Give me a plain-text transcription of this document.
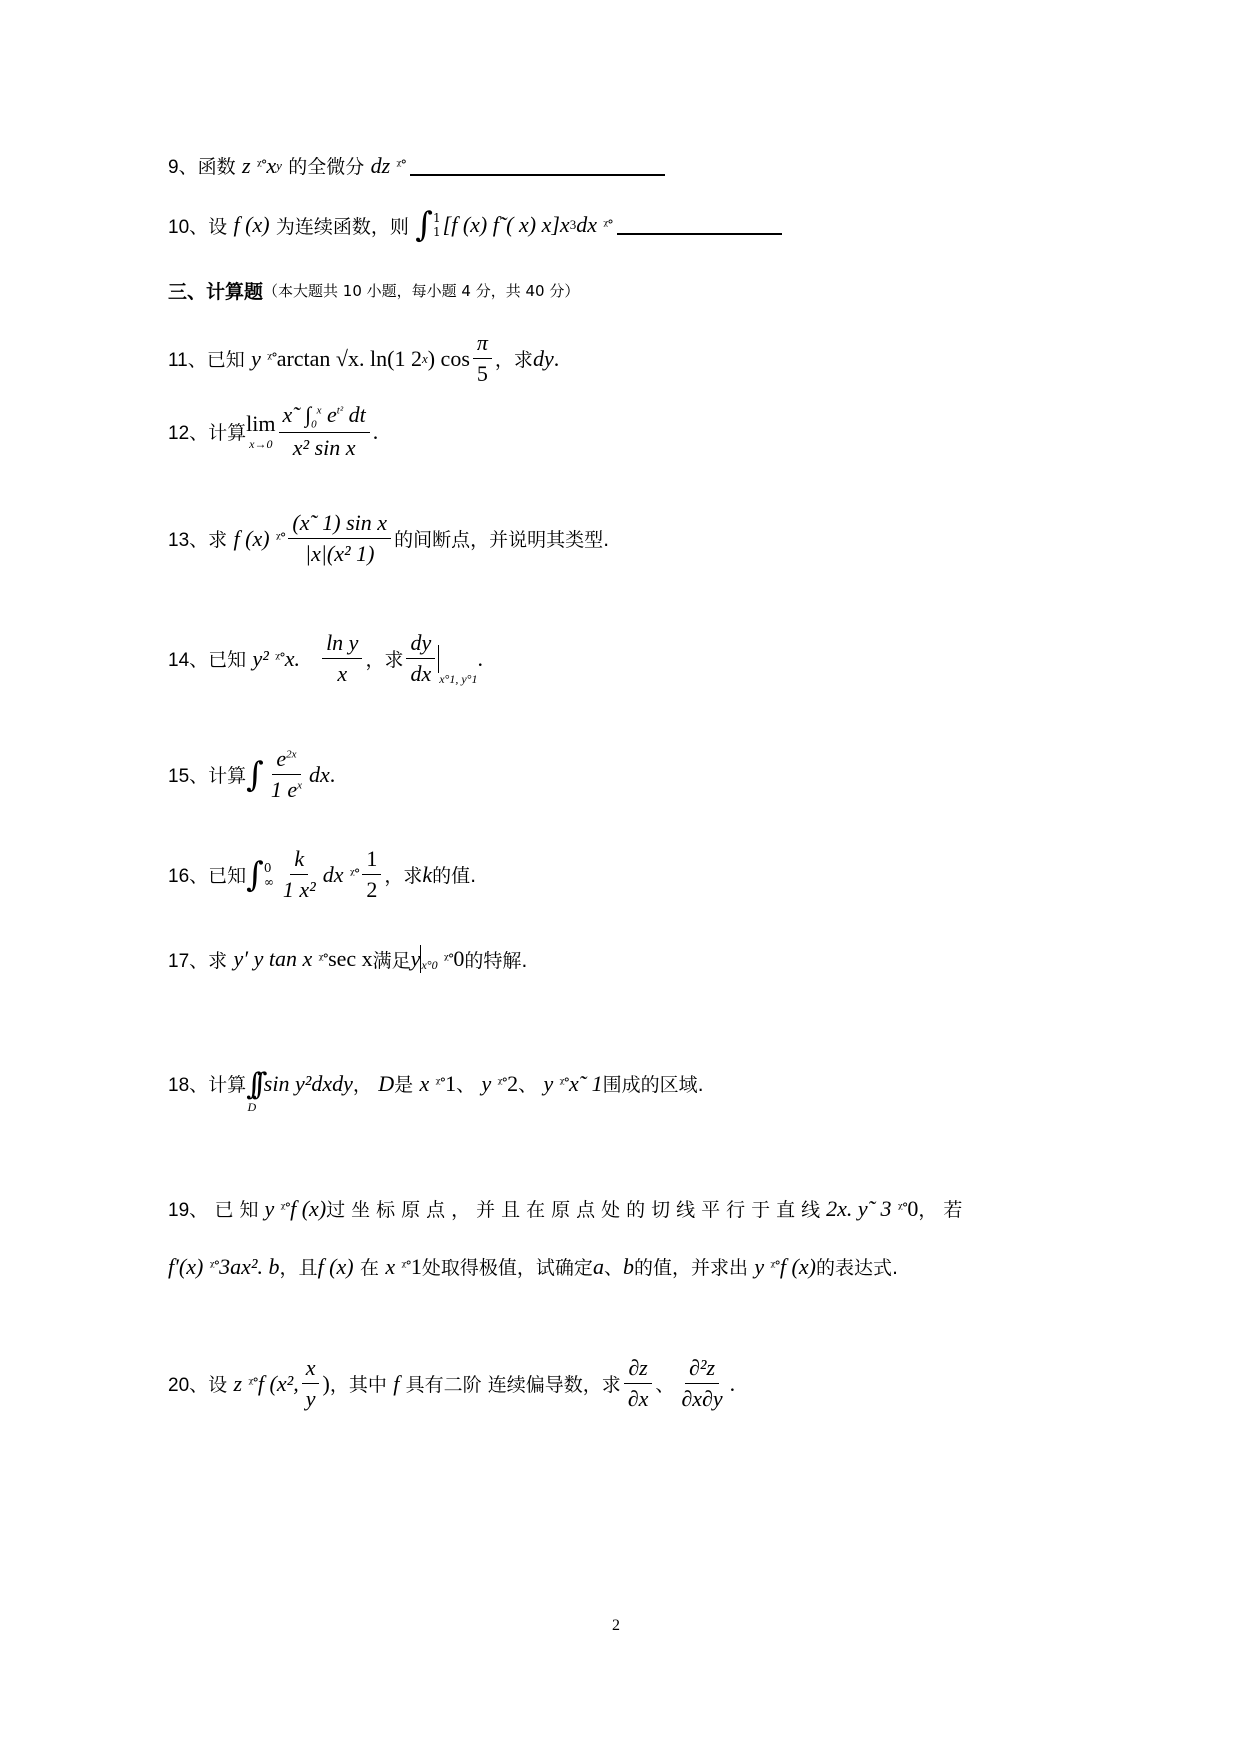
9、 函数
z
ᵡ° x y
的全微分
dz
ᵡ°
10、 设
f (x)
为连续函数，则
∫ 1
1 [f (x) f˜( x) x]x 3 dx
ᵡ°
三、计算题 （本大题共 10 小题，每小题 4 分，共 40 分）
11、 已知
y
ᵡ° arctan √x. ln(1 2 x ) $\cos \frac{\pi}{5}$ ，求 dy .
12、 计算 lim
$x\to 0 \frac{x˜ \int_0^x e^{t^2} dt}{\text{x² sin x}}$ .
13、 求
f (x)
ᵡ° $\frac{\text{(x˜ 1) sin x}}{\text{|x|(x² 1)}}$ 的间断点，并说明其类型.
14、 已知
y²
ᵡ° x.
$\frac{\text{ln y}}{x}$ ，求 $\frac{dy}{dx} x^\circ 1$, y°1
.
15、 计算 ∫ $\frac{e^{2x}}{1 e^x}$ dx .
16、 已知 ∫ 0
∞ $\frac{k}{\text{1 x²}}$ dx
ᵡ° $\frac{1}{2}$ ，求 k 的值.
17、 求
y′ y tan x
ᵡ° sec x 满足 y x°0
ᵡ° 0 的特解.
18、 计算 ∫∫
D

sin y²dxdy ，
D 是
x
ᵡ° 1 、
y
ᵡ° 2 、
y
ᵡ° x˜ 1 围成的区域.
19、
已知 y
ᵡ° f (x) 过坐标原点，并且在原点处的切线平行于直线 2x. y˜ 3
ᵡ° 0 ，若
f′(x)
ᵡ° 3ax². b ，且 f (x)
在
x
ᵡ° 1 处取得极值，试确定 a 、 b 的值，并求出
y
ᵡ° f (x) 的表达式.
20、 设
z
ᵡ° f (x², $\frac{x}{y}$ ) ，其中
f
具有二阶 连续偏导数，求 $\frac{\partial z}{\partial x}$ 、 $\frac{\text{∂²z}}{\partial x\partial y}$ .
2
